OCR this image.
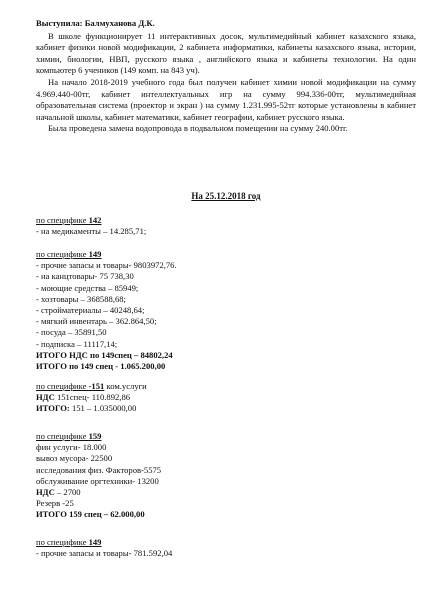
Выступила: Балмуханова Д.К.

В школе функционирует 11 интерактивных досок, мультимедийный кабинет казахского языка, кабинет физики новой модификации, 2 кабинета информатики, кабинеты казахского языка, истории, химии, биологии, НВП, русского языка , английского языка и кабинеты технологии. На один компьютер 6 учеников (149 комп. на 843 уч).

На начало 2018-2019 учебного года был получен кабинет химии новой модификации на сумму 4.969.440-00тг, кабинет интеллектуальных игр на сумму 994.336-00тг, мультимедийная образовательная система (проектор и экран ) на сумму 1.231.995-52тг которые установлены в кабинет начальной школы, кабинет математики, кабинет географии, кабинет русского языка.

Была проведена замена водопровода в подвальном помещении на сумму 240.00тг.

На 25.12.2018 год
по специфике 142
- на медикаменты – 14.285,71;
по специфике 149
- прочие запасы и товары- 9803972,76.
- на канцтовары- 75 738,30
- моющие средства – 85949;
- хозтовары – 368588,68;
- стройматериалы – 40248,64;
- мягкий инвентарь – 362.864,50;
- посуда – 35891,50
- подписка – 11117,14;
ИТОГО НДС по 149спец – 84802,24
ИТОГО по 149 спец - 1.065.200,00
по специфике -151 ком.услуги
НДС 151спец- 110.892,86
ИТОГО: 151 – 1.035000,00
по специфике 159
фин услуги- 18.000
вывоз мусора- 22500
исследования физ. Факторов-5575
обслуживание оргтехники- 13200
НДС – 2700
Резерв -25
ИТОГО 159 спец – 62.000,00
по специфике 149
- прочие запасы и товары- 781.592,04
